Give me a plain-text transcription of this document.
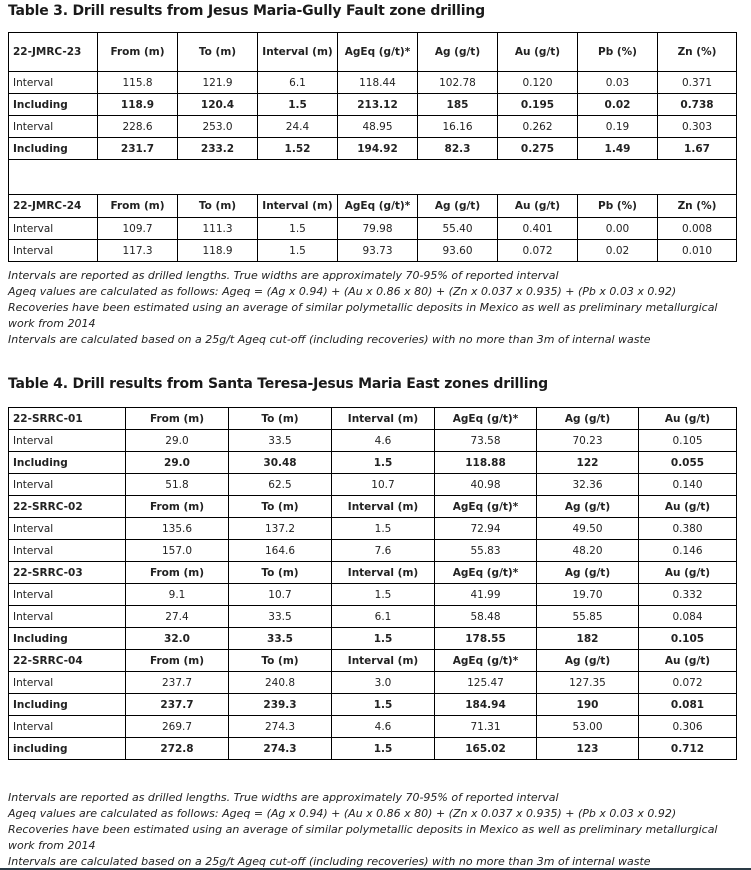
Table 3. Drill results from Jesus Maria-Gully Fault zone drilling
22-JMRC-23	From (m)	To (m)	Interval (m)	AgEq (g/t)*	Ag (g/t)	Au (g/t)	Pb (%)	Zn (%)
Interval	115.8	121.9	6.1	118.44	102.78	0.120	0.03	0.371
Including	118.9	120.4	1.5	213.12	185	0.195	0.02	0.738
Interval	228.6	253.0	24.4	48.95	16.16	0.262	0.19	0.303
Including	231.7	233.2	1.52	194.92	82.3	0.275	1.49	1.67

22-JMRC-24	From (m)	To (m)	Interval (m)	AgEq (g/t)*	Ag (g/t)	Au (g/t)	Pb (%)	Zn (%)
Interval	109.7	111.3	1.5	79.98	55.40	0.401	0.00	0.008
Interval	117.3	118.9	1.5	93.73	93.60	0.072	0.02	0.010
Intervals are reported as drilled lengths. True widths are approximately 70-95% of reported interval
Ageq values are calculated as follows: Ageq = (Ag x 0.94) + (Au x 0.86 x 80) + (Zn x 0.037 x 0.935) + (Pb x 0.03 x 0.92)
Recoveries have been estimated using an average of similar polymetallic deposits in Mexico as well as preliminary metallurgical work from 2014
Intervals are calculated based on a 25g/t Ageq cut-off (including recoveries) with no more than 3m of internal waste
Table 4. Drill results from Santa Teresa-Jesus Maria East zones drilling
22-SRRC-01	From (m)	To (m)	Interval (m)	AgEq (g/t)*	Ag (g/t)	Au (g/t)
Interval	29.0	33.5	4.6	73.58	70.23	0.105
Including	29.0	30.48	1.5	118.88	122	0.055
Interval	51.8	62.5	10.7	40.98	32.36	0.140
22-SRRC-02	From (m)	To (m)	Interval (m)	AgEq (g/t)*	Ag (g/t)	Au (g/t)
Interval	135.6	137.2	1.5	72.94	49.50	0.380
Interval	157.0	164.6	7.6	55.83	48.20	0.146
22-SRRC-03	From (m)	To (m)	Interval (m)	AgEq (g/t)*	Ag (g/t)	Au (g/t)
Interval	9.1	10.7	1.5	41.99	19.70	0.332
Interval	27.4	33.5	6.1	58.48	55.85	0.084
Including	32.0	33.5	1.5	178.55	182	0.105
22-SRRC-04	From (m)	To (m)	Interval (m)	AgEq (g/t)*	Ag (g/t)	Au (g/t)
Interval	237.7	240.8	3.0	125.47	127.35	0.072
Including	237.7	239.3	1.5	184.94	190	0.081
Interval	269.7	274.3	4.6	71.31	53.00	0.306
including	272.8	274.3	1.5	165.02	123	0.712
Intervals are reported as drilled lengths. True widths are approximately 70-95% of reported interval
Ageq values are calculated as follows: Ageq = (Ag x 0.94) + (Au x 0.86 x 80) + (Zn x 0.037 x 0.935) + (Pb x 0.03 x 0.92)
Recoveries have been estimated using an average of similar polymetallic deposits in Mexico as well as preliminary metallurgical work from 2014
Intervals are calculated based on a 25g/t Ageq cut-off (including recoveries) with no more than 3m of internal waste
